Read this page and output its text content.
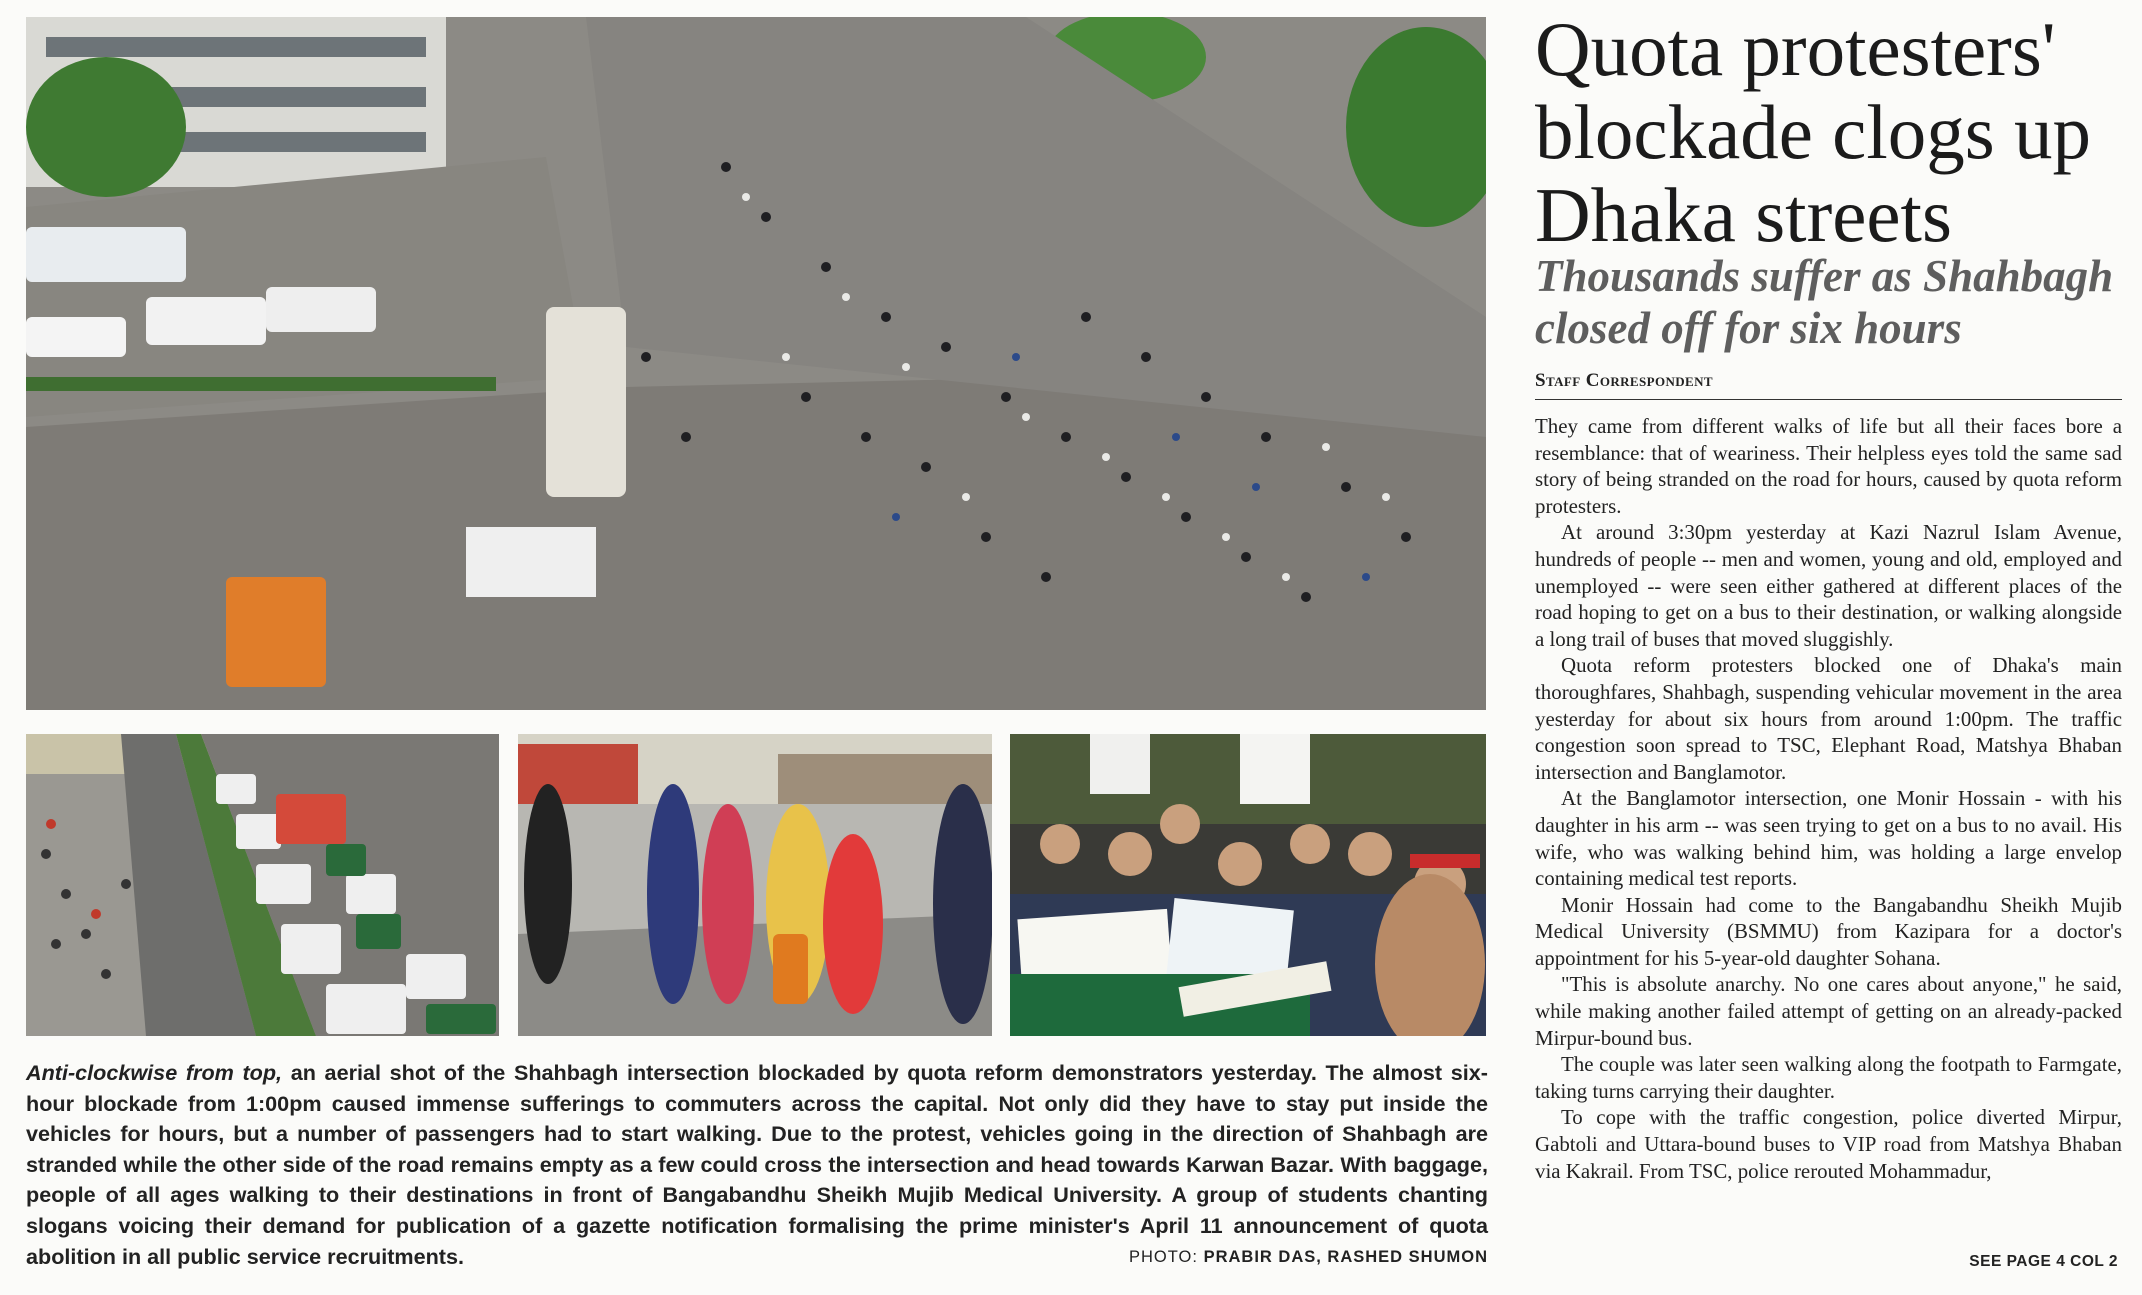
Anti-clockwise from top, an aerial shot of the Shahbagh intersection blockaded by quota reform demonstrators yesterday. The almost six-hour blockade from 1:00pm caused immense sufferings to commuters across the capital. Not only did they have to stay put inside the vehicles for hours, but a number of passengers had to start walking. Due to the protest, vehicles going in the direction of Shahbagh are stranded while the other side of the road remains empty as a few could cross the intersection and head towards Karwan Bazar. With baggage, people of all ages walking to their destinations in front of Bangabandhu Sheikh Mujib Medical University. A group of students chanting slogans voicing their demand for publication of a gazette notification formalising the prime minister's April 11 announcement of quota abolition in all public service recruitments.	PHOTO: PRABIR DAS, RASHED SHUMON
Quota protesters' blockade clogs up Dhaka streets
Thousands suffer as Shahbagh closed off for six hours
Staff Correspondent

They came from different walks of life but all their faces bore a resemblance: that of weariness. Their helpless eyes told the same sad story of being stranded on the road for hours, caused by quota reform protesters.

At around 3:30pm yesterday at Kazi Nazrul Islam Avenue, hundreds of people -- men and women, young and old, employed and unemployed -- were seen either gathered at different places of the road hoping to get on a bus to their destination, or walking alongside a long trail of buses that moved sluggishly.

Quota reform protesters blocked one of Dhaka's main thoroughfares, Shahbagh, suspending vehicular movement in the area yesterday for about six hours from around 1:00pm. The traffic congestion soon spread to TSC, Elephant Road, Matshya Bhaban intersection and Banglamotor.

At the Banglamotor intersection, one Monir Hossain - with his daughter in his arm -- was seen trying to get on a bus to no avail. His wife, who was walking behind him, was holding a large envelop containing medical test reports.

Monir Hossain had come to the Bangabandhu Sheikh Mujib Medical University (BSMMU) from Kazipara for a doctor's appointment for his 5-year-old daughter Sohana.

"This is absolute anarchy. No one cares about anyone," he said, while making another failed attempt of getting on an already-packed Mirpur-bound bus.

The couple was later seen walking along the footpath to Farmgate, taking turns carrying their daughter.

To cope with the traffic congestion, police diverted Mirpur, Gabtoli and Uttara-bound buses to VIP road from Matshya Bhaban via Kakrail. From TSC, police rerouted Mohammadur,

SEE PAGE 4 COL 2
